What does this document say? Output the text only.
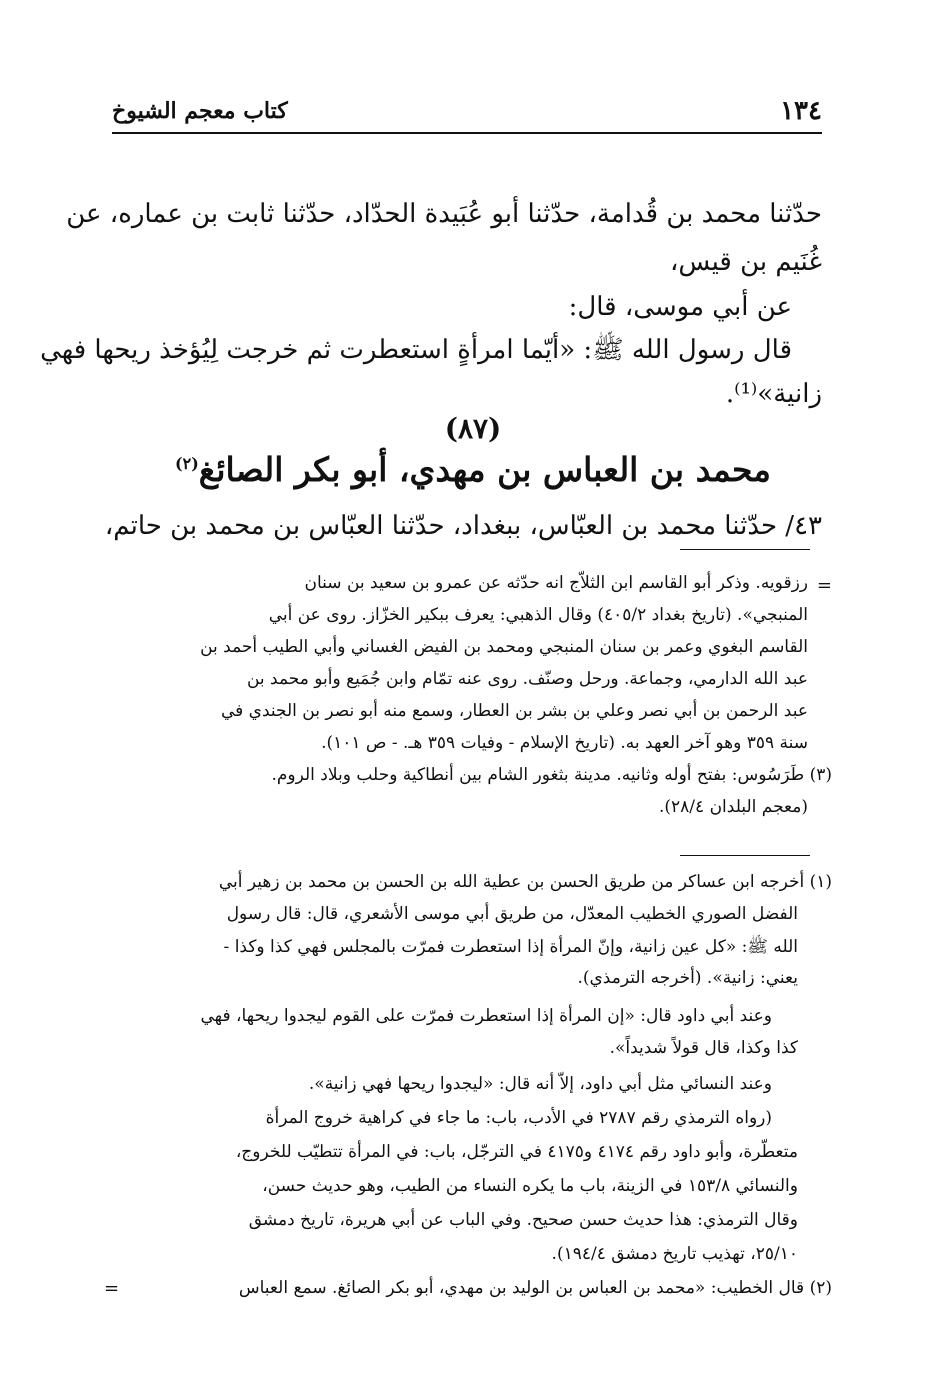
١٣٤
كتاب معجم الشيوخ
حدّثنا محمد بن قُدامة، حدّثنا أبو عُبَيدة الحدّاد، حدّثنا ثابت بن عماره، عن
غُنَيم بن قيس،
عن أبي موسى، قال:
قال رسول الله ﷺ: «أيّما امرأةٍ استعطرت ثم خرجت لِيُؤخذ ريحها فهي
زانية»⁽¹⁾.
(٨٧)
محمد بن العباس بن مهدي، أبو بكر الصائغ$^{(٢)}$
٤٣/ حدّثنا محمد بن العبّاس، ببغداد، حدّثنا العبّاس بن محمد بن حاتم،
=
رزقويه. وذكر أبو القاسم ابن الثلاّج انه حدّثه عن عمرو بن سعيد بن سنان
المنبجي». (تاريخ بغداد ٤٠٥/٢) وقال الذهبي: يعرف ببكير الخزّاز. روى عن أبي
القاسم البغوي وعمر بن سنان المنبجي ومحمد بن الفيض الغساني وأبي الطيب أحمد بن
عبد الله الدارمي، وجماعة. ورحل وصنّف. روى عنه تمّام وابن جُمَيع وأبو محمد بن
عبد الرحمن بن أبي نصر وعلي بن بشر بن العطار، وسمع منه أبو نصر بن الجندي في
سنة ٣٥٩ وهو آخر العهد به. (تاريخ الإسلام - وفيات ٣٥٩ هـ. - ص ١٠١).
(٣) طَرَسُوس: بفتح أوله وثانيه. مدينة بثغور الشام بين أنطاكية وحلب وبلاد الروم.
(معجم البلدان ٢٨/٤).
(١) أخرجه ابن عساكر من طريق الحسن بن عطية الله بن الحسن بن محمد بن زهير أبي
الفضل الصوري الخطيب المعدّل، من طريق أبي موسى الأشعري، قال: قال رسول
الله ﷺ: «كل عين زانية، وإنّ المرأة إذا استعطرت فمرّت بالمجلس فهي كذا وكذا -
يعني: زانية». (أخرجه الترمذي).
وعند أبي داود قال: «إن المرأة إذا استعطرت فمرّت على القوم ليجدوا ريحها، فهي
كذا وكذا، قال قولاً شديداً».
وعند النسائي مثل أبي داود، إلاّ أنه قال: «ليجدوا ريحها فهي زانية».
(رواه الترمذي رقم ٢٧٨٧ في الأدب، باب: ما جاء في كراهية خروج المرأة
متعطّرة، وأبو داود رقم ٤١٧٤ و٤١٧٥ في الترجّل، باب: في المرأة تتطيّب للخروج،
والنسائي ١٥٣/٨ في الزينة، باب ما يكره النساء من الطيب، وهو حديث حسن،
وقال الترمذي: هذا حديث حسن صحيح. وفي الباب عن أبي هريرة، تاريخ دمشق
٢٥/١٠، تهذيب تاريخ دمشق ١٩٤/٤).
(٢) قال الخطيب: «محمد بن العباس بن الوليد بن مهدي، أبو بكر الصائغ. سمع العباس
=
